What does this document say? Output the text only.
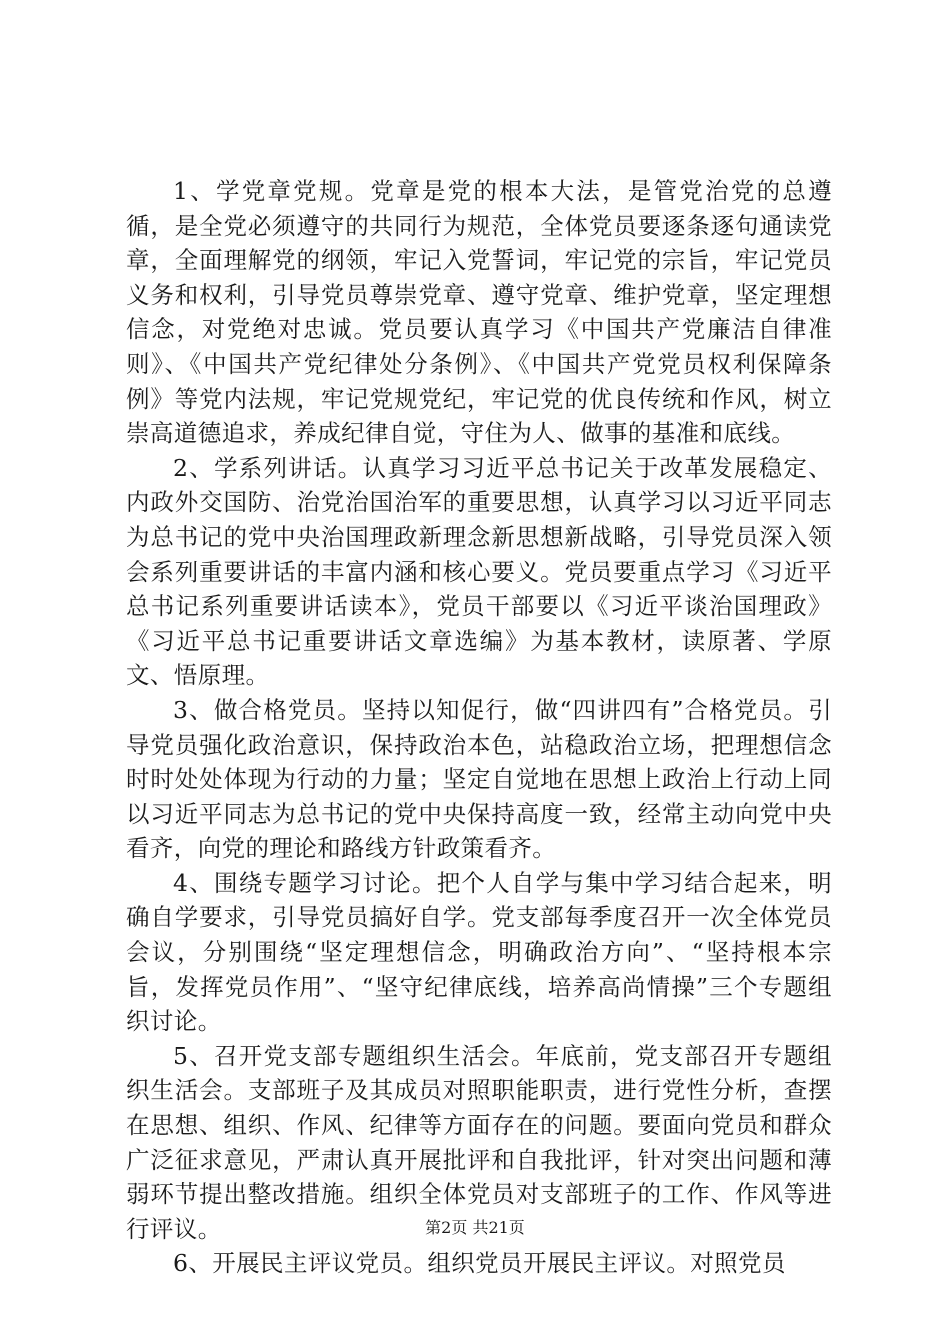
1、学党章党规。党章是党的根本大法，是管党治党的总遵循，是全党必须遵守的共同行为规范，全体党员要逐条逐句通读党章，全面理解党的纲领，牢记入党誓词，牢记党的宗旨，牢记党员义务和权利，引导党员尊崇党章、遵守党章、维护党章，坚定理想信念，对党绝对忠诚。党员要认真学习《中国共产党廉洁自律准则》、《中国共产党纪律处分条例》、《中国共产党党员权利保障条例》等党内法规，牢记党规党纪，牢记党的优良传统和作风，树立崇高道德追求，养成纪律自觉，守住为人、做事的基准和底线。

2、学系列讲话。认真学习习近平总书记关于改革发展稳定、内政外交国防、治党治国治军的重要思想，认真学习以习近平同志为总书记的党中央治国理政新理念新思想新战略，引导党员深入领会系列重要讲话的丰富内涵和核心要义。党员要重点学习《习近平总书记系列重要讲话读本》，党员干部要以《习近平谈治国理政》《习近平总书记重要讲话文章选编》为基本教材，读原著、学原文、悟原理。

3、做合格党员。坚持以知促行，做“四讲四有”合格党员。引导党员强化政治意识，保持政治本色，站稳政治立场，把理想信念时时处处体现为行动的力量；坚定自觉地在思想上政治上行动上同以习近平同志为总书记的党中央保持高度一致，经常主动向党中央看齐，向党的理论和路线方针政策看齐。

4、围绕专题学习讨论。把个人自学与集中学习结合起来，明确自学要求，引导党员搞好自学。党支部每季度召开一次全体党员会议，分别围绕“坚定理想信念，明确政治方向”、“坚持根本宗旨，发挥党员作用”、“坚守纪律底线，培养高尚情操”三个专题组织讨论。

5、召开党支部专题组织生活会。年底前，党支部召开专题组织生活会。支部班子及其成员对照职能职责，进行党性分析，查摆在思想、组织、作风、纪律等方面存在的问题。要面向党员和群众广泛征求意见，严肃认真开展批评和自我批评，针对突出问题和薄弱环节提出整改措施。组织全体党员对支部班子的工作、作风等进行评议。

6、开展民主评议党员。组织党员开展民主评议。对照党员

第2页 共21页
